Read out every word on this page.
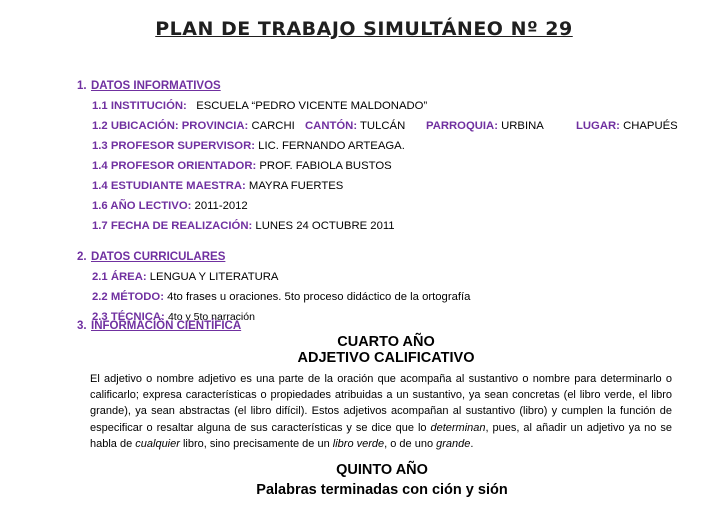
PLAN DE TRABAJO SIMULTÁNEO Nº 29
1. DATOS INFORMATIVOS
1.1 INSTITUCIÓN: ESCUELA “PEDRO VICENTE MALDONADO”
1.2 UBICACIÓN: PROVINCIA: CARCHI CANTÓN: TULCÁN PARROQUIA: URBINA	LUGAR: CHAPUÉS
1.3 PROFESOR SUPERVISOR: LIC. FERNANDO ARTEAGA.
1.4 PROFESOR ORIENTADOR: PROF. FABIOLA BUSTOS
1.4 ESTUDIANTE MAESTRA: MAYRA FUERTES
1.6 AÑO LECTIVO: 2011-2012
1.7 FECHA DE REALIZACIÓN: LUNES 24 OCTUBRE 2011
2. DATOS CURRICULARES
2.1 ÁREA: LENGUA Y LITERATURA
2.2 MÉTODO: 4to frases u oraciones. 5to proceso didáctico de la ortografía
2.3 TÉCNICA: 4to y 5to narración
3. INFORMACIÓN CIENTÍFICA
CUARTO AÑO
ADJETIVO CALIFICATIVO
El adjetivo o nombre adjetivo es una parte de la oración que acompaña al sustantivo o nombre para determinarlo o calificarlo; expresa características o propiedades atribuidas a un sustantivo, ya sean concretas (el libro verde, el libro grande), ya sean abstractas (el libro difícil). Estos adjetivos acompañan al sustantivo (libro) y cumplen la función de especificar o resaltar alguna de sus características y se dice que lo determinan, pues, al añadir un adjetivo ya no se habla de cualquier libro, sino precisamente de un libro verde, o de uno grande.
QUINTO AÑO
Palabras terminadas con ción y sión
